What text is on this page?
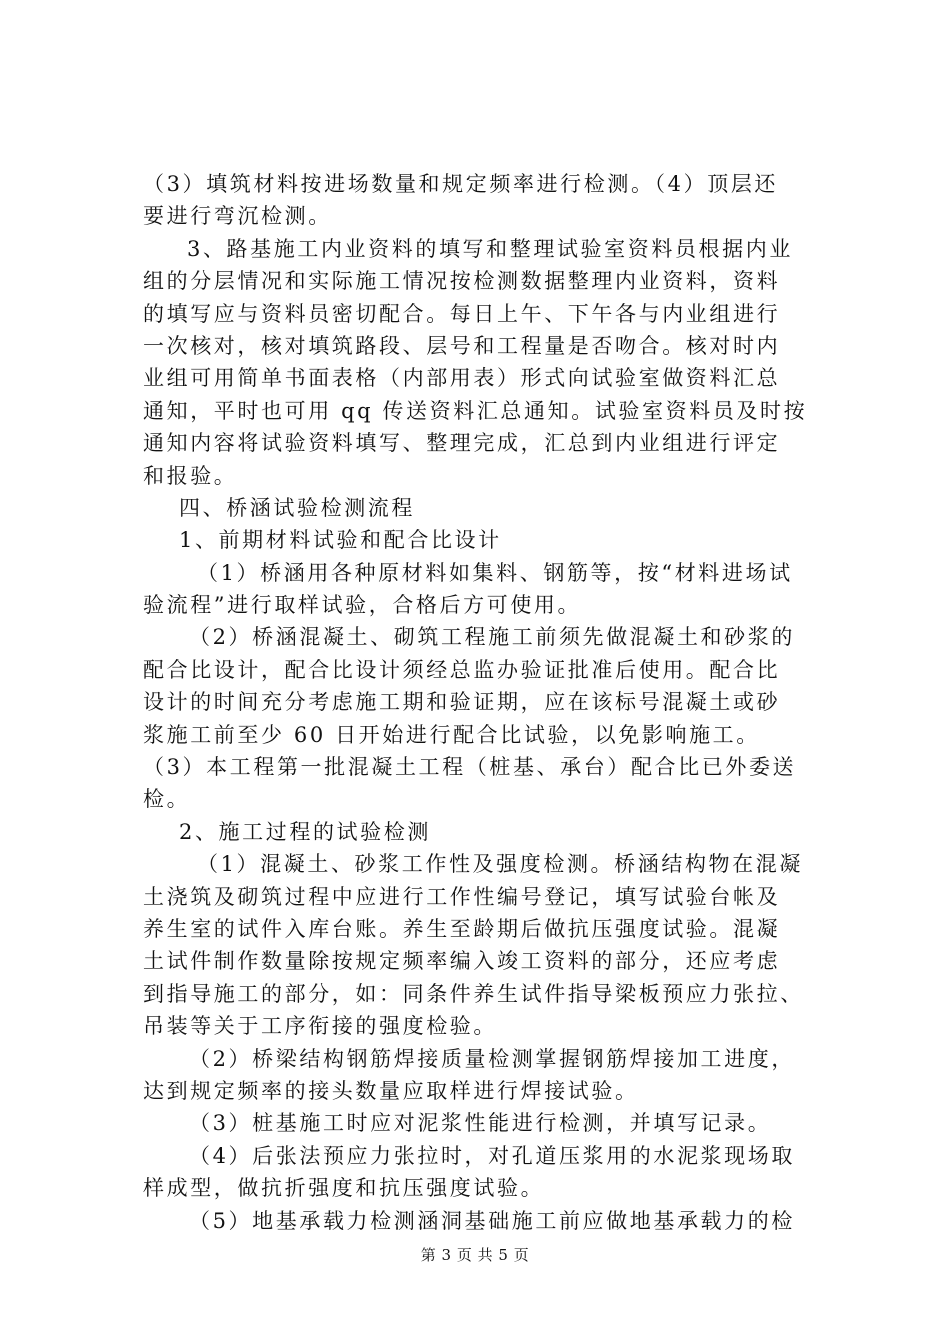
（3）填筑材料按进场数量和规定频率进行检测。（4）顶层还
要进行弯沉检测。
3、路基施工内业资料的填写和整理试验室资料员根据内业
组的分层情况和实际施工情况按检测数据整理内业资料，资料
的填写应与资料员密切配合。每日上午、下午各与内业组进行
一次核对，核对填筑路段、层号和工程量是否吻合。核对时内
业组可用简单书面表格（内部用表）形式向试验室做资料汇总
通知，平时也可用 qq 传送资料汇总通知。试验室资料员及时按
通知内容将试验资料填写、整理完成，汇总到内业组进行评定
和报验。
四、桥涵试验检测流程
1、前期材料试验和配合比设计
（1）桥涵用各种原材料如集料、钢筋等，按“材料进场试
验流程”进行取样试验，合格后方可使用。
（2）桥涵混凝土、砌筑工程施工前须先做混凝土和砂浆的
配合比设计，配合比设计须经总监办验证批准后使用。配合比
设计的时间充分考虑施工期和验证期，应在该标号混凝土或砂
浆施工前至少 60 日开始进行配合比试验，以免影响施工。
（3）本工程第一批混凝土工程（桩基、承台）配合比已外委送
检。
2、施工过程的试验检测
（1）混凝土、砂浆工作性及强度检测。桥涵结构物在混凝
土浇筑及砌筑过程中应进行工作性编号登记，填写试验台帐及
养生室的试件入库台账。养生至龄期后做抗压强度试验。混凝
土试件制作数量除按规定频率编入竣工资料的部分，还应考虑
到指导施工的部分，如：同条件养生试件指导梁板预应力张拉、
吊装等关于工序衔接的强度检验。
（2）桥梁结构钢筋焊接质量检测掌握钢筋焊接加工进度，
达到规定频率的接头数量应取样进行焊接试验。
（3）桩基施工时应对泥浆性能进行检测，并填写记录。
（4）后张法预应力张拉时，对孔道压浆用的水泥浆现场取
样成型，做抗折强度和抗压强度试验。
（5）地基承载力检测涵洞基础施工前应做地基承载力的检
第 3 页 共 5 页
